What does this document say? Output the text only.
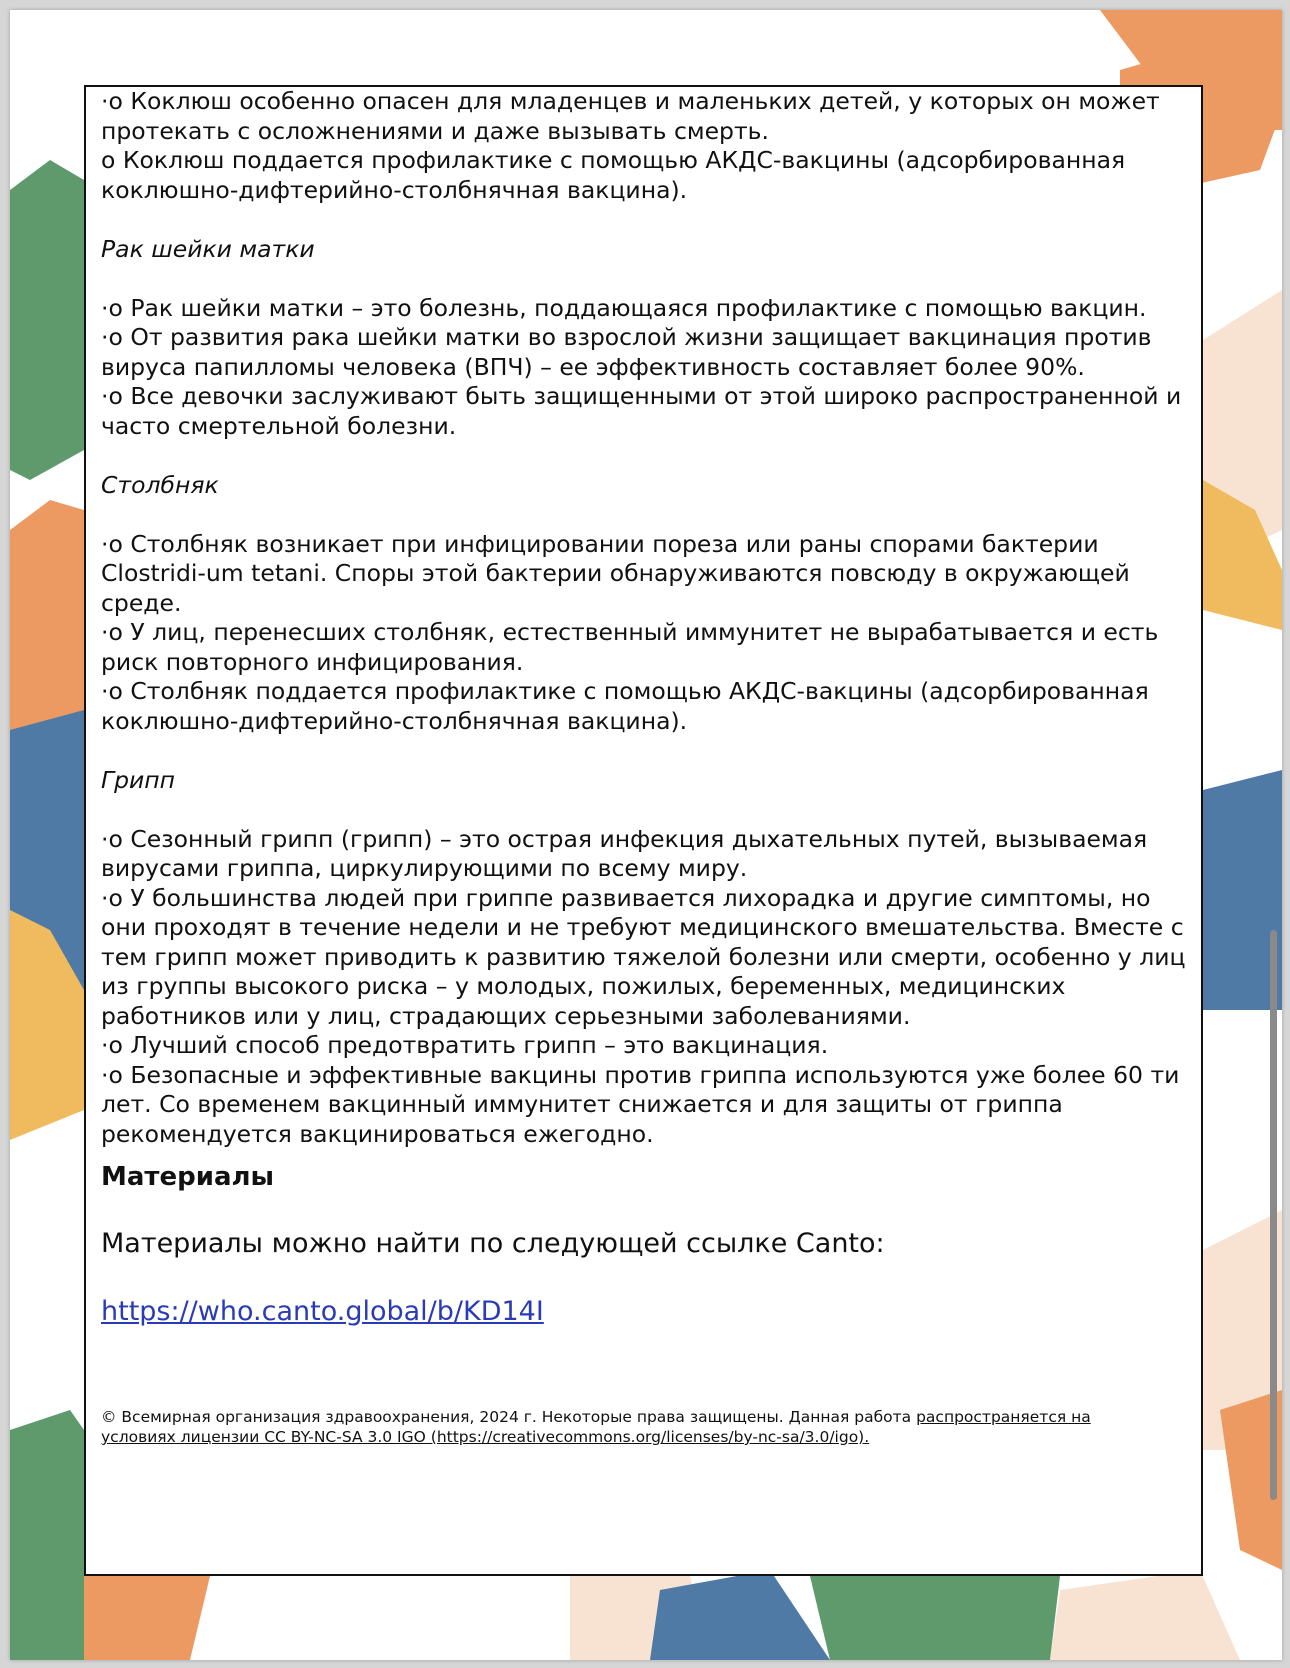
·o Коклюш особенно опасен для младенцев и маленьких детей, у которых он может протекать с осложнениями и даже вызывать смерть.

o Коклюш поддается профилактике с помощью АКДС-вакцины (адсорбированная коклюшно-дифтерийно-столбнячная вакцина).

Рак шейки матки

·o Рак шейки матки – это болезнь, поддающаяся профилактике с помощью вакцин.

·o От развития рака шейки матки во взрослой жизни защищает вакцинация против вируса папилломы человека (ВПЧ) – ее эффективность составляет более 90%.

·o Все девочки заслуживают быть защищенными от этой широко распространенной и часто смертельной болезни.

Столбняк

·o Столбняк возникает при инфицировании пореза или раны спорами бактерии Clostridi-um tetani. Споры этой бактерии обнаруживаются повсюду в окружающей среде.

·o У лиц, перенесших столбняк, естественный иммунитет не вырабатывается и есть риск повторного инфицирования.

·o Столбняк поддается профилактике с помощью АКДС-вакцины (адсорбированная коклюшно-дифтерийно-столбнячная вакцина).

Грипп

·o Сезонный грипп (грипп) – это острая инфекция дыхательных путей, вызываемая вирусами гриппа, циркулирующими по всему миру.

·o У большинства людей при гриппе развивается лихорадка и другие симптомы, но они проходят в течение недели и не требуют медицинского вмешательства. Вместе с тем грипп может приводить к развитию тяжелой болезни или смерти, особенно у лиц из группы высокого риска – у молодых, пожилых, беременных, медицинских работников или у лиц, страдающих серьезными заболеваниями.

·o Лучший способ предотвратить грипп – это вакцинация.

·o Безопасные и эффективные вакцины против гриппа используются уже более 60 ти лет. Со временем вакцинный иммунитет снижается и для защиты от гриппа рекомендуется вакцинироваться ежегодно.

Материалы

Материалы можно найти по следующей ссылке Canto:

https://who.canto.global/b/KD14I

© Всемирная организация здравоохранения, 2024 г. Некоторые права защищены. Данная работа распространяется на условиях лицензии CC BY-NC-SA 3.0 IGO (https://creativecommons.org/licenses/by-nc-sa/3.0/igo).
